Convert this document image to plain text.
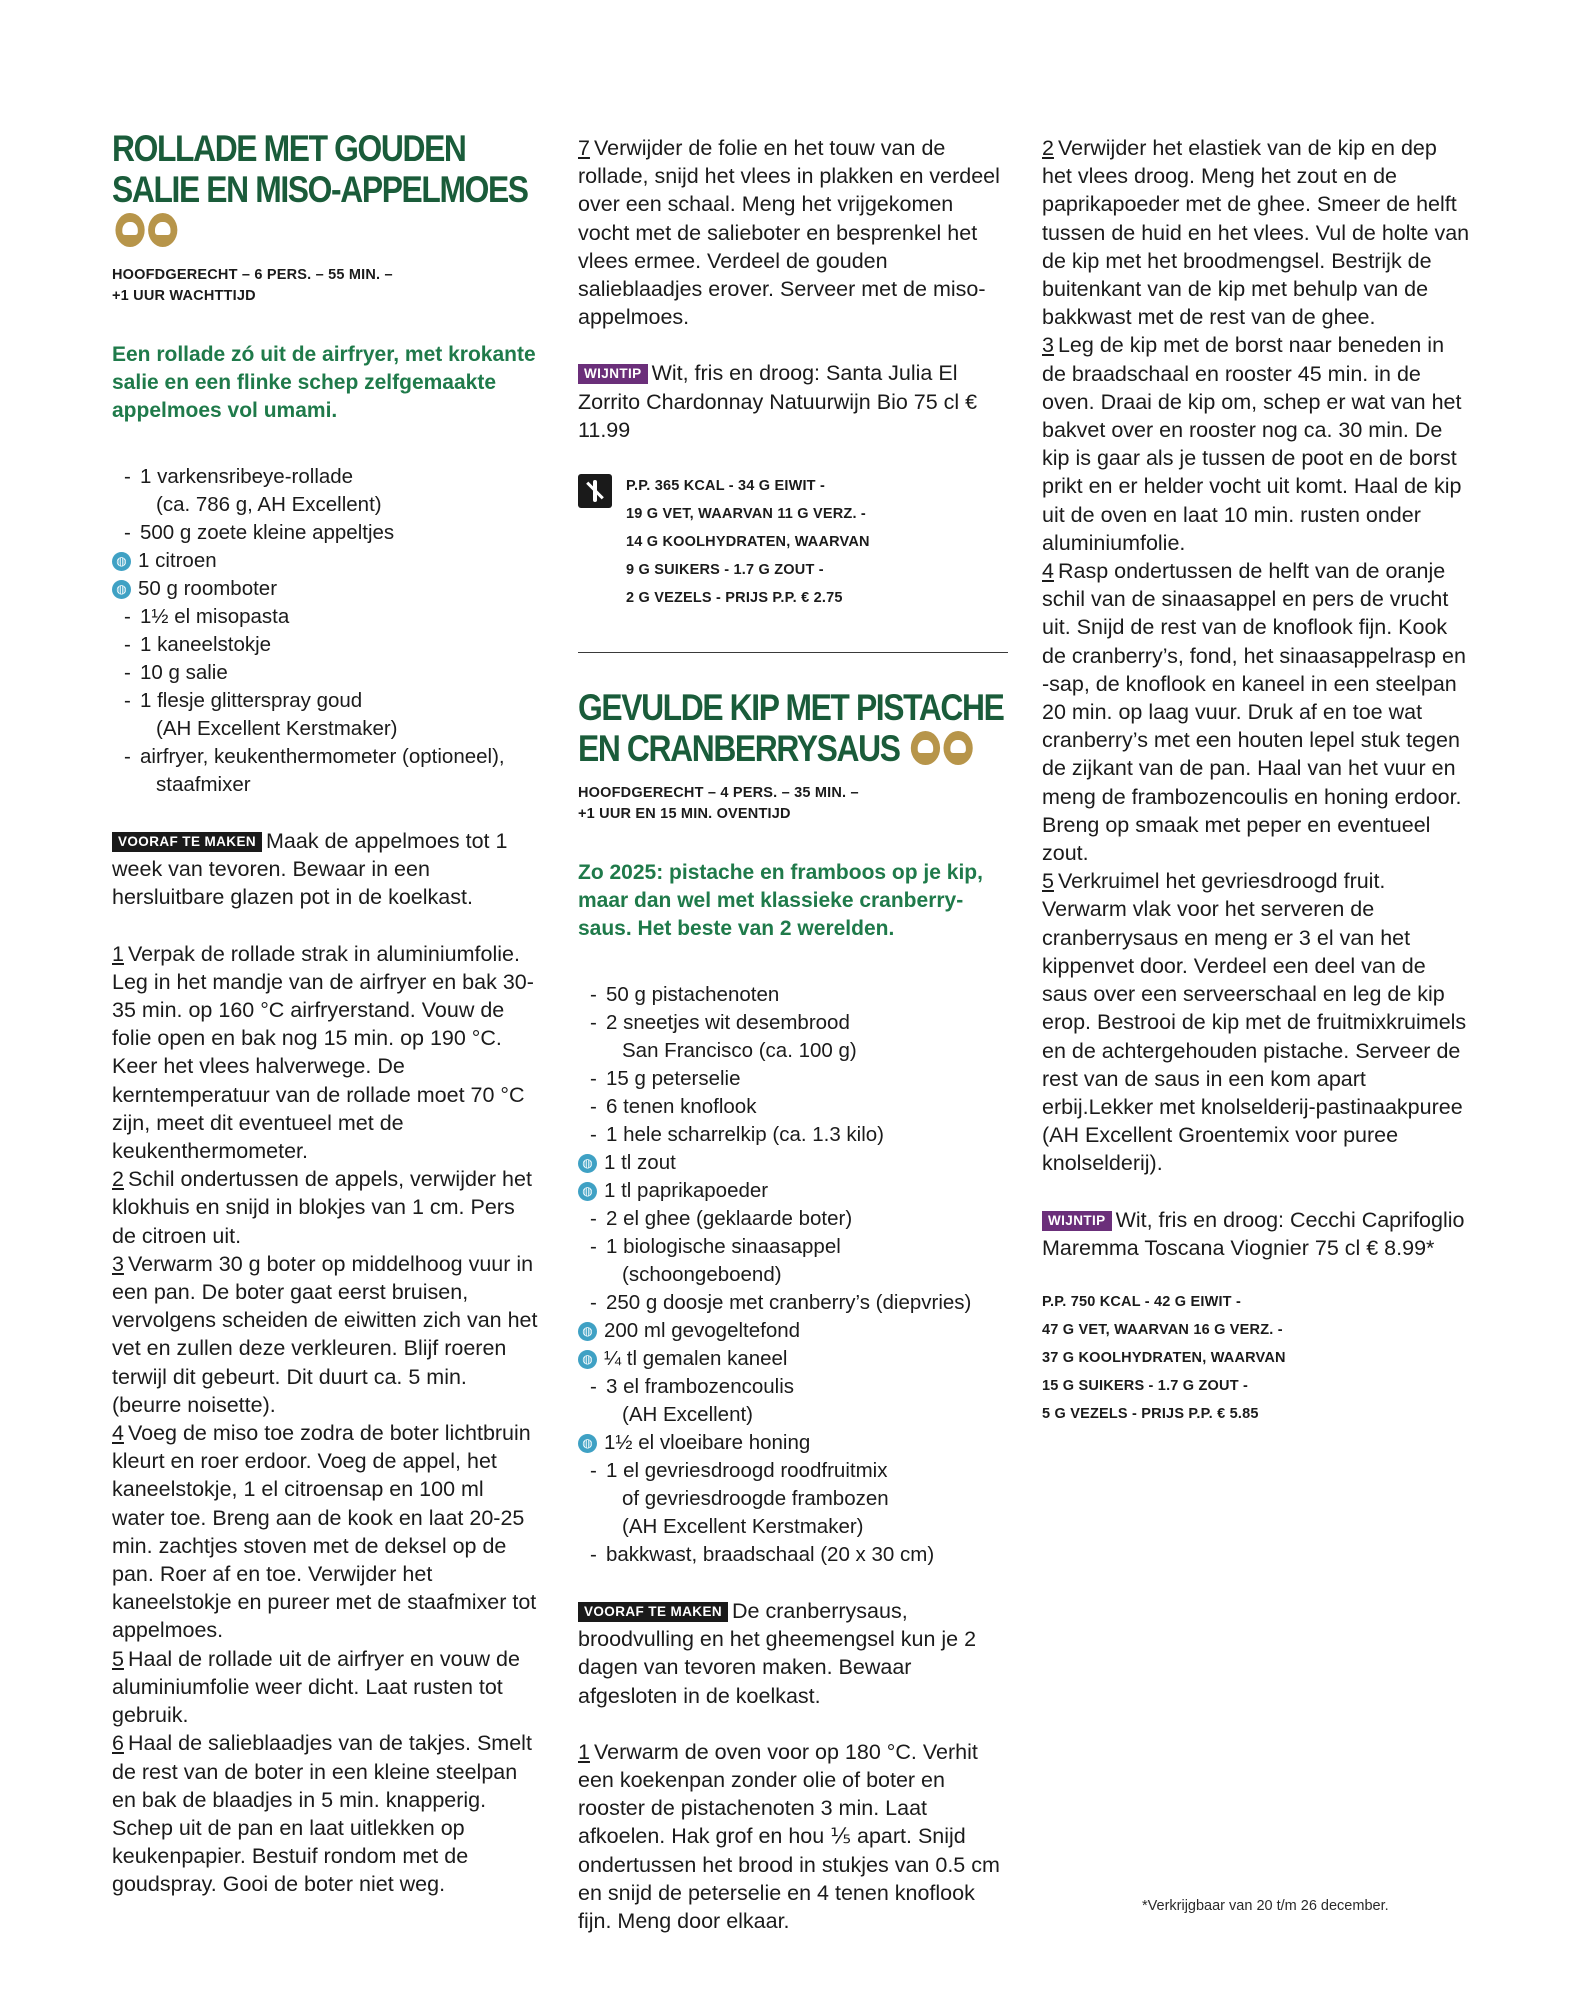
ROLLADE MET GOUDEN SALIE EN MISO-APPELMOES
HOOFDGERECHT – 6 PERS. – 55 MIN. –
+1 UUR WACHTTIJD
Een rollade zó uit de airfryer, met krokante salie en een flinke schep zelfgemaakte appelmoes vol umami.
- 1 varkensribeye-rollade
(ca. 786 g, AH Excellent)
- 500 g zoete kleine appeltjes
◍ 1 citroen
◍ 50 g roomboter
- 1½ el misopasta
- 1 kaneelstokje
- 10 g salie
- 1 flesje glitterspray goud
(AH Excellent Kerstmaker)
- airfryer, keukenthermometer (optioneel),
staafmixer
VOORAF TE MAKEN Maak de appelmoes tot 1 week van tevoren. Bewaar in een hersluitbare glazen pot in de koelkast.
1 Verpak de rollade strak in aluminiumfolie. Leg in het mandje van de airfryer en bak 30-35 min. op 160 °C airfryerstand. Vouw de folie open en bak nog 15 min. op 190 °C. Keer het vlees halverwege. De kerntemperatuur van de rollade moet 70 °C zijn, meet dit eventueel met de keukenthermometer.
2 Schil ondertussen de appels, verwijder het klokhuis en snijd in blokjes van 1 cm. Pers de citroen uit.
3 Verwarm 30 g boter op middelhoog vuur in een pan. De boter gaat eerst bruisen, vervolgens scheiden de eiwitten zich van het vet en zullen deze verkleuren. Blijf roeren terwijl dit gebeurt. Dit duurt ca. 5 min. (beurre noisette).
4 Voeg de miso toe zodra de boter lichtbruin kleurt en roer erdoor. Voeg de appel, het kaneelstokje, 1 el citroensap en 100 ml water toe. Breng aan de kook en laat 20-25 min. zachtjes stoven met de deksel op de pan. Roer af en toe. Verwijder het kaneelstokje en pureer met de staafmixer tot appelmoes.
5 Haal de rollade uit de airfryer en vouw de aluminiumfolie weer dicht. Laat rusten tot gebruik.
6 Haal de salieblaadjes van de takjes. Smelt de rest van de boter in een kleine steelpan en bak de blaadjes in 5 min. knapperig. Schep uit de pan en laat uitlekken op keukenpapier. Bestuif rondom met de goudspray. Gooi de boter niet weg.
7 Verwijder de folie en het touw van de rollade, snijd het vlees in plakken en verdeel over een schaal. Meng het vrijgekomen vocht met de salieboter en besprenkel het vlees ermee. Verdeel de gouden salieblaadjes erover. Serveer met de miso-appelmoes.
WIJNTIP Wit, fris en droog: Santa Julia El Zorrito Chardonnay Natuurwijn Bio 75 cl € 11.99
P.P. 365 KCAL - 34 G EIWIT -
19 G VET, WAARVAN 11 G VERZ. -
14 G KOOLHYDRATEN, WAARVAN
9 G SUIKERS - 1.7 G ZOUT -
2 G VEZELS - PRIJS P.P. € 2.75
GEVULDE KIP MET PISTACHE EN CRANBERRYSAUS
HOOFDGERECHT – 4 PERS. – 35 MIN. –
+1 UUR EN 15 MIN. OVENTIJD
Zo 2025: pistache en framboos op je kip, maar dan wel met klassieke cranberrysaus. Het beste van 2 werelden.
- 50 g pistachenoten
- 2 sneetjes wit desembrood
San Francisco (ca. 100 g)
- 15 g peterselie
- 6 tenen knoflook
- 1 hele scharrelkip (ca. 1.3 kilo)
◍ 1 tl zout
◍ 1 tl paprikapoeder
- 2 el ghee (geklaarde boter)
- 1 biologische sinaasappel
(schoongeboend)
- 250 g doosje met cranberry’s (diepvries)
◍ 200 ml gevogeltefond
◍ ¼ tl gemalen kaneel
- 3 el frambozencoulis
(AH Excellent)
◍ 1½ el vloeibare honing
- 1 el gevriesdroogd roodfruitmix
of gevriesdroogde frambozen
(AH Excellent Kerstmaker)
- bakkwast, braadschaal (20 x 30 cm)
VOORAF TE MAKEN De cranberrysaus, broodvulling en het gheemengsel kun je 2 dagen van tevoren maken. Bewaar afgesloten in de koelkast.
1 Verwarm de oven voor op 180 °C. Verhit een koekenpan zonder olie of boter en rooster de pistachenoten 3 min. Laat afkoelen. Hak grof en hou ⅕ apart. Snijd ondertussen het brood in stukjes van 0.5 cm en snijd de peterselie en 4 tenen knoflook fijn. Meng door elkaar.
2 Verwijder het elastiek van de kip en dep het vlees droog. Meng het zout en de paprikapoeder met de ghee. Smeer de helft tussen de huid en het vlees. Vul de holte van de kip met het broodmengsel. Bestrijk de buitenkant van de kip met behulp van de bakkwast met de rest van de ghee.
3 Leg de kip met de borst naar beneden in de braadschaal en rooster 45 min. in de oven. Draai de kip om, schep er wat van het bakvet over en rooster nog ca. 30 min. De kip is gaar als je tussen de poot en de borst prikt en er helder vocht uit komt. Haal de kip uit de oven en laat 10 min. rusten onder aluminiumfolie.
4 Rasp ondertussen de helft van de oranje schil van de sinaasappel en pers de vrucht uit. Snijd de rest van de knoflook fijn. Kook de cranberry’s, fond, het sinaasappelrasp en -sap, de knoflook en kaneel in een steelpan 20 min. op laag vuur. Druk af en toe wat cranberry’s met een houten lepel stuk tegen de zijkant van de pan. Haal van het vuur en meng de frambozencoulis en honing erdoor. Breng op smaak met peper en eventueel zout.
5 Verkruimel het gevriesdroogd fruit. Verwarm vlak voor het serveren de cranberrysaus en meng er 3 el van het kippenvet door. Verdeel een deel van de saus over een serveerschaal en leg de kip erop. Bestrooi de kip met de fruitmixkruimels en de achtergehouden pistache. Serveer de rest van de saus in een kom apart erbij.Lekker met knolselderij-pastinaakpuree (AH Excellent Groentemix voor puree knolselderij).
WIJNTIP Wit, fris en droog: Cecchi Caprifoglio Maremma Toscana Viognier 75 cl € 8.99*
P.P. 750 KCAL - 42 G EIWIT -
47 G VET, WAARVAN 16 G VERZ. -
37 G KOOLHYDRATEN, WAARVAN
15 G SUIKERS - 1.7 G ZOUT -
5 G VEZELS - PRIJS P.P. € 5.85
*Verkrijgbaar van 20 t/m 26 december.
